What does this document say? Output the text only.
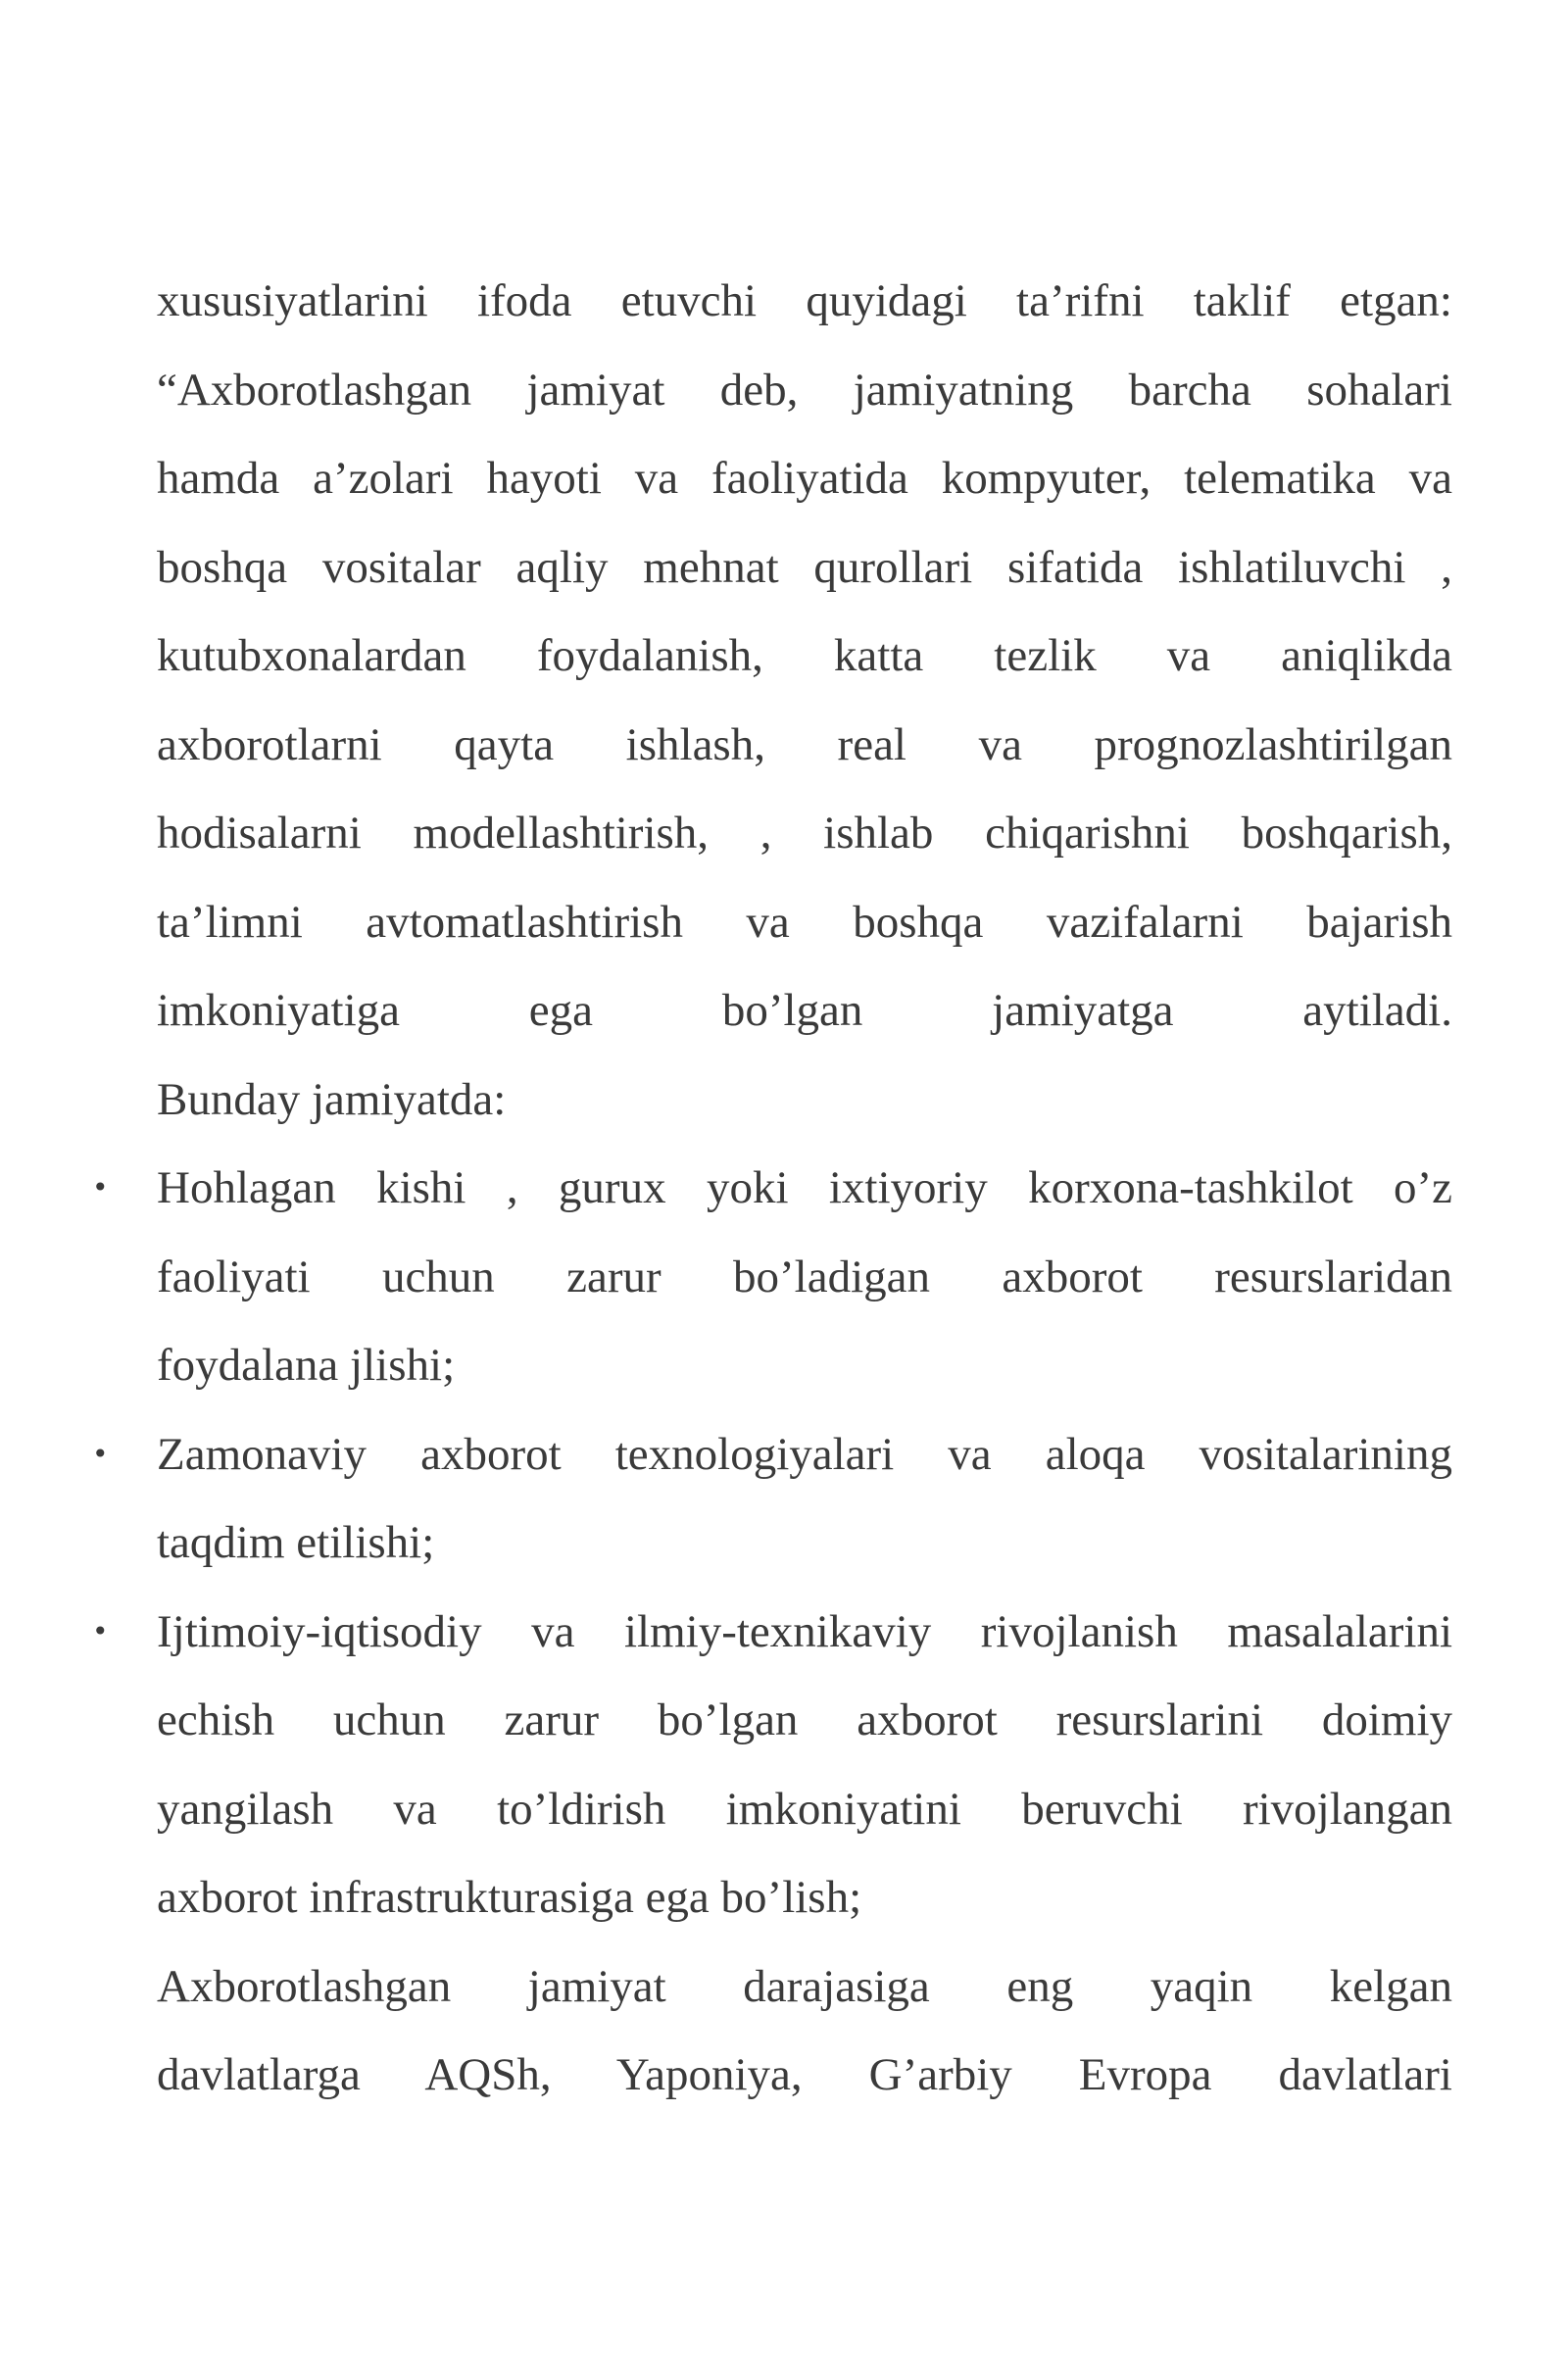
xususiyatlarini ifoda etuvchi quyidagi ta’rifni taklif etgan:
“Axborotlashgan jamiyat deb, jamiyatning barcha sohalari
hamda a’zolari hayoti va faoliyatida kompyuter, telematika va
boshqa vositalar aqliy mehnat qurollari sifatida ishlatiluvchi ,
kutubxonalardan foydalanish, katta tezlik va aniqlikda
axborotlarni qayta ishlash, real va prognozlashtirilgan
hodisalarni modellashtirish, , ishlab chiqarishni boshqarish,
ta’limni avtomatlashtirish va boshqa vazifalarni bajarish
imkoniyatiga ega bo’lgan jamiyatga aytiladi.
Bunday jamiyatda:
• Hohlagan kishi , gurux yoki ixtiyoriy korxona-tashkilot o’z
faoliyati uchun zarur bo’ladigan axborot resurslaridan
foydalana jlishi;
• Zamonaviy axborot texnologiyalari va aloqa vositalarining
taqdim etilishi;
• Ijtimoiy-iqtisodiy va ilmiy-texnikaviy rivojlanish masalalarini
echish uchun zarur bo’lgan axborot resurslarini doimiy
yangilash va to’ldirish imkoniyatini beruvchi rivojlangan
axborot infrastrukturasiga ega bo’lish;
Axborotlashgan jamiyat darajasiga eng yaqin kelgan
davlatlarga AQSh, Yaponiya, G’arbiy Evropa davlatlari
